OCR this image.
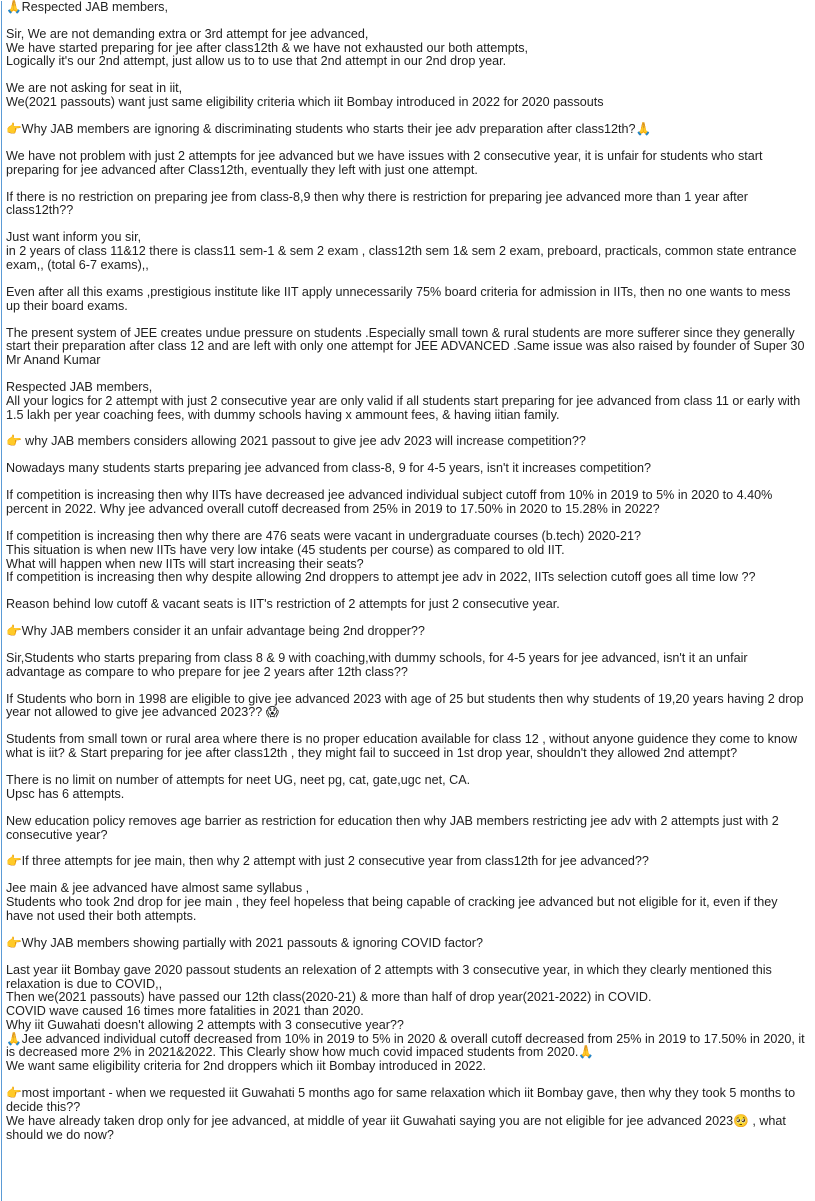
🙏Respected JAB members,
Sir, We are not demanding extra or 3rd attempt for jee advanced,
We have started preparing for jee after class12th & we have not exhausted our both attempts,
Logically it's our 2nd attempt, just allow us to to use that 2nd attempt in our 2nd drop year.
We are not asking for seat in iit,
We(2021 passouts) want just same eligibility criteria which iit Bombay introduced in 2022 for 2020 passouts
👉Why JAB members are ignoring & discriminating students who starts their jee adv preparation after class12th?🙏
We have not problem with just 2 attempts for jee advanced but we have issues with 2 consecutive year, it is unfair for students who start preparing for jee advanced after Class12th, eventually they left with just one attempt.
If there is no restriction on preparing jee from class-8,9 then why there is restriction for preparing jee advanced more than 1 year after class12th??
Just want inform you sir,
in 2 years of class 11&12 there is class11 sem-1 & sem 2 exam , class12th sem 1& sem 2 exam, preboard, practicals, common state entrance exam,, (total 6-7 exams),,
Even after all this exams ,prestigious institute like IIT apply unnecessarily 75% board criteria for admission in IITs, then no one wants to mess up their board exams.
The present system of JEE creates undue pressure on students .Especially small town & rural students are more sufferer since they generally start their preparation after class 12 and are left with only one attempt for JEE ADVANCED .Same issue was also raised by founder of Super 30 Mr Anand Kumar
Respected JAB members,
All your logics for 2 attempt with just 2 consecutive year are only valid if all students start preparing for jee advanced from class 11 or early with 1.5 lakh per year coaching fees, with dummy schools having x ammount fees, & having iitian family.
👉 why JAB members considers allowing 2021 passout to give jee adv 2023 will increase competition??
Nowadays many students starts preparing jee advanced from class-8, 9 for 4-5 years, isn't it increases competition?
If competition is increasing then why IITs have decreased jee advanced individual subject cutoff from 10% in 2019 to 5% in 2020 to 4.40% percent in 2022. Why jee advanced overall cutoff decreased from 25% in 2019 to 17.50% in 2020 to 15.28% in 2022?
If competition is increasing then why there are 476 seats were vacant in undergraduate courses (b.tech) 2020-21?
This situation is when new IITs have very low intake (45 students per course) as compared to old IIT.
What will happen when new IITs will start increasing their seats?
If competition is increasing then why despite allowing 2nd droppers to attempt jee adv in 2022, IITs selection cutoff goes all time low ??
Reason behind low cutoff & vacant seats is IIT's restriction of 2 attempts for just 2 consecutive year.
👉Why JAB members consider it an unfair advantage being 2nd dropper??
Sir,Students who starts preparing from class 8 & 9 with coaching,with dummy schools, for 4-5 years for jee advanced, isn't it an unfair advantage as compare to who prepare for jee 2 years after 12th class??
If Students who born in 1998 are eligible to give jee advanced 2023 with age of 25 but students then why students of 19,20 years having 2 drop year not allowed to give jee advanced 2023?? 😱
Students from small town or rural area where there is no proper education available for class 12 , without anyone guidence they come to know what is iit? & Start preparing for jee after class12th , they might fail to succeed in 1st drop year, shouldn't they allowed 2nd attempt?
There is no limit on number of attempts for neet UG, neet pg, cat, gate,ugc net, CA.
Upsc has 6 attempts.
New education policy removes age barrier as restriction for education then why JAB members restricting jee adv with 2 attempts just with 2 consecutive year?
👉If three attempts for jee main, then why 2 attempt with just 2 consecutive year from class12th for jee advanced??
Jee main & jee advanced have almost same syllabus ,
Students who took 2nd drop for jee main , they feel hopeless that being capable of cracking jee advanced but not eligible for it, even if they have not used their both attempts.
👉Why JAB members showing partially with 2021 passouts & ignoring COVID factor?
Last year iit Bombay gave 2020 passout students an relexation of 2 attempts with 3 consecutive year, in which they clearly mentioned this relaxation is due to COVID,,
Then we(2021 passouts) have passed our 12th class(2020-21) & more than half of drop year(2021-2022) in COVID.
COVID wave caused 16 times more fatalities in 2021 than 2020.
Why iit Guwahati doesn't allowing 2 attempts with 3 consecutive year??
🙏Jee advanced individual cutoff decreased from 10% in 2019 to 5% in 2020 & overall cutoff decreased from 25% in 2019 to 17.50% in 2020, it is decreased more 2% in 2021&2022. This Clearly show how much covid impaced students from 2020.🙏
We want same eligibility criteria for 2nd droppers which iit Bombay introduced in 2022.
👉most important - when we requested iit Guwahati 5 months ago for same relaxation which iit Bombay gave, then why they took 5 months to decide this??
We have already taken drop only for jee advanced, at middle of year iit Guwahati saying you are not eligible for jee advanced 2023🥺 , what should we do now?
